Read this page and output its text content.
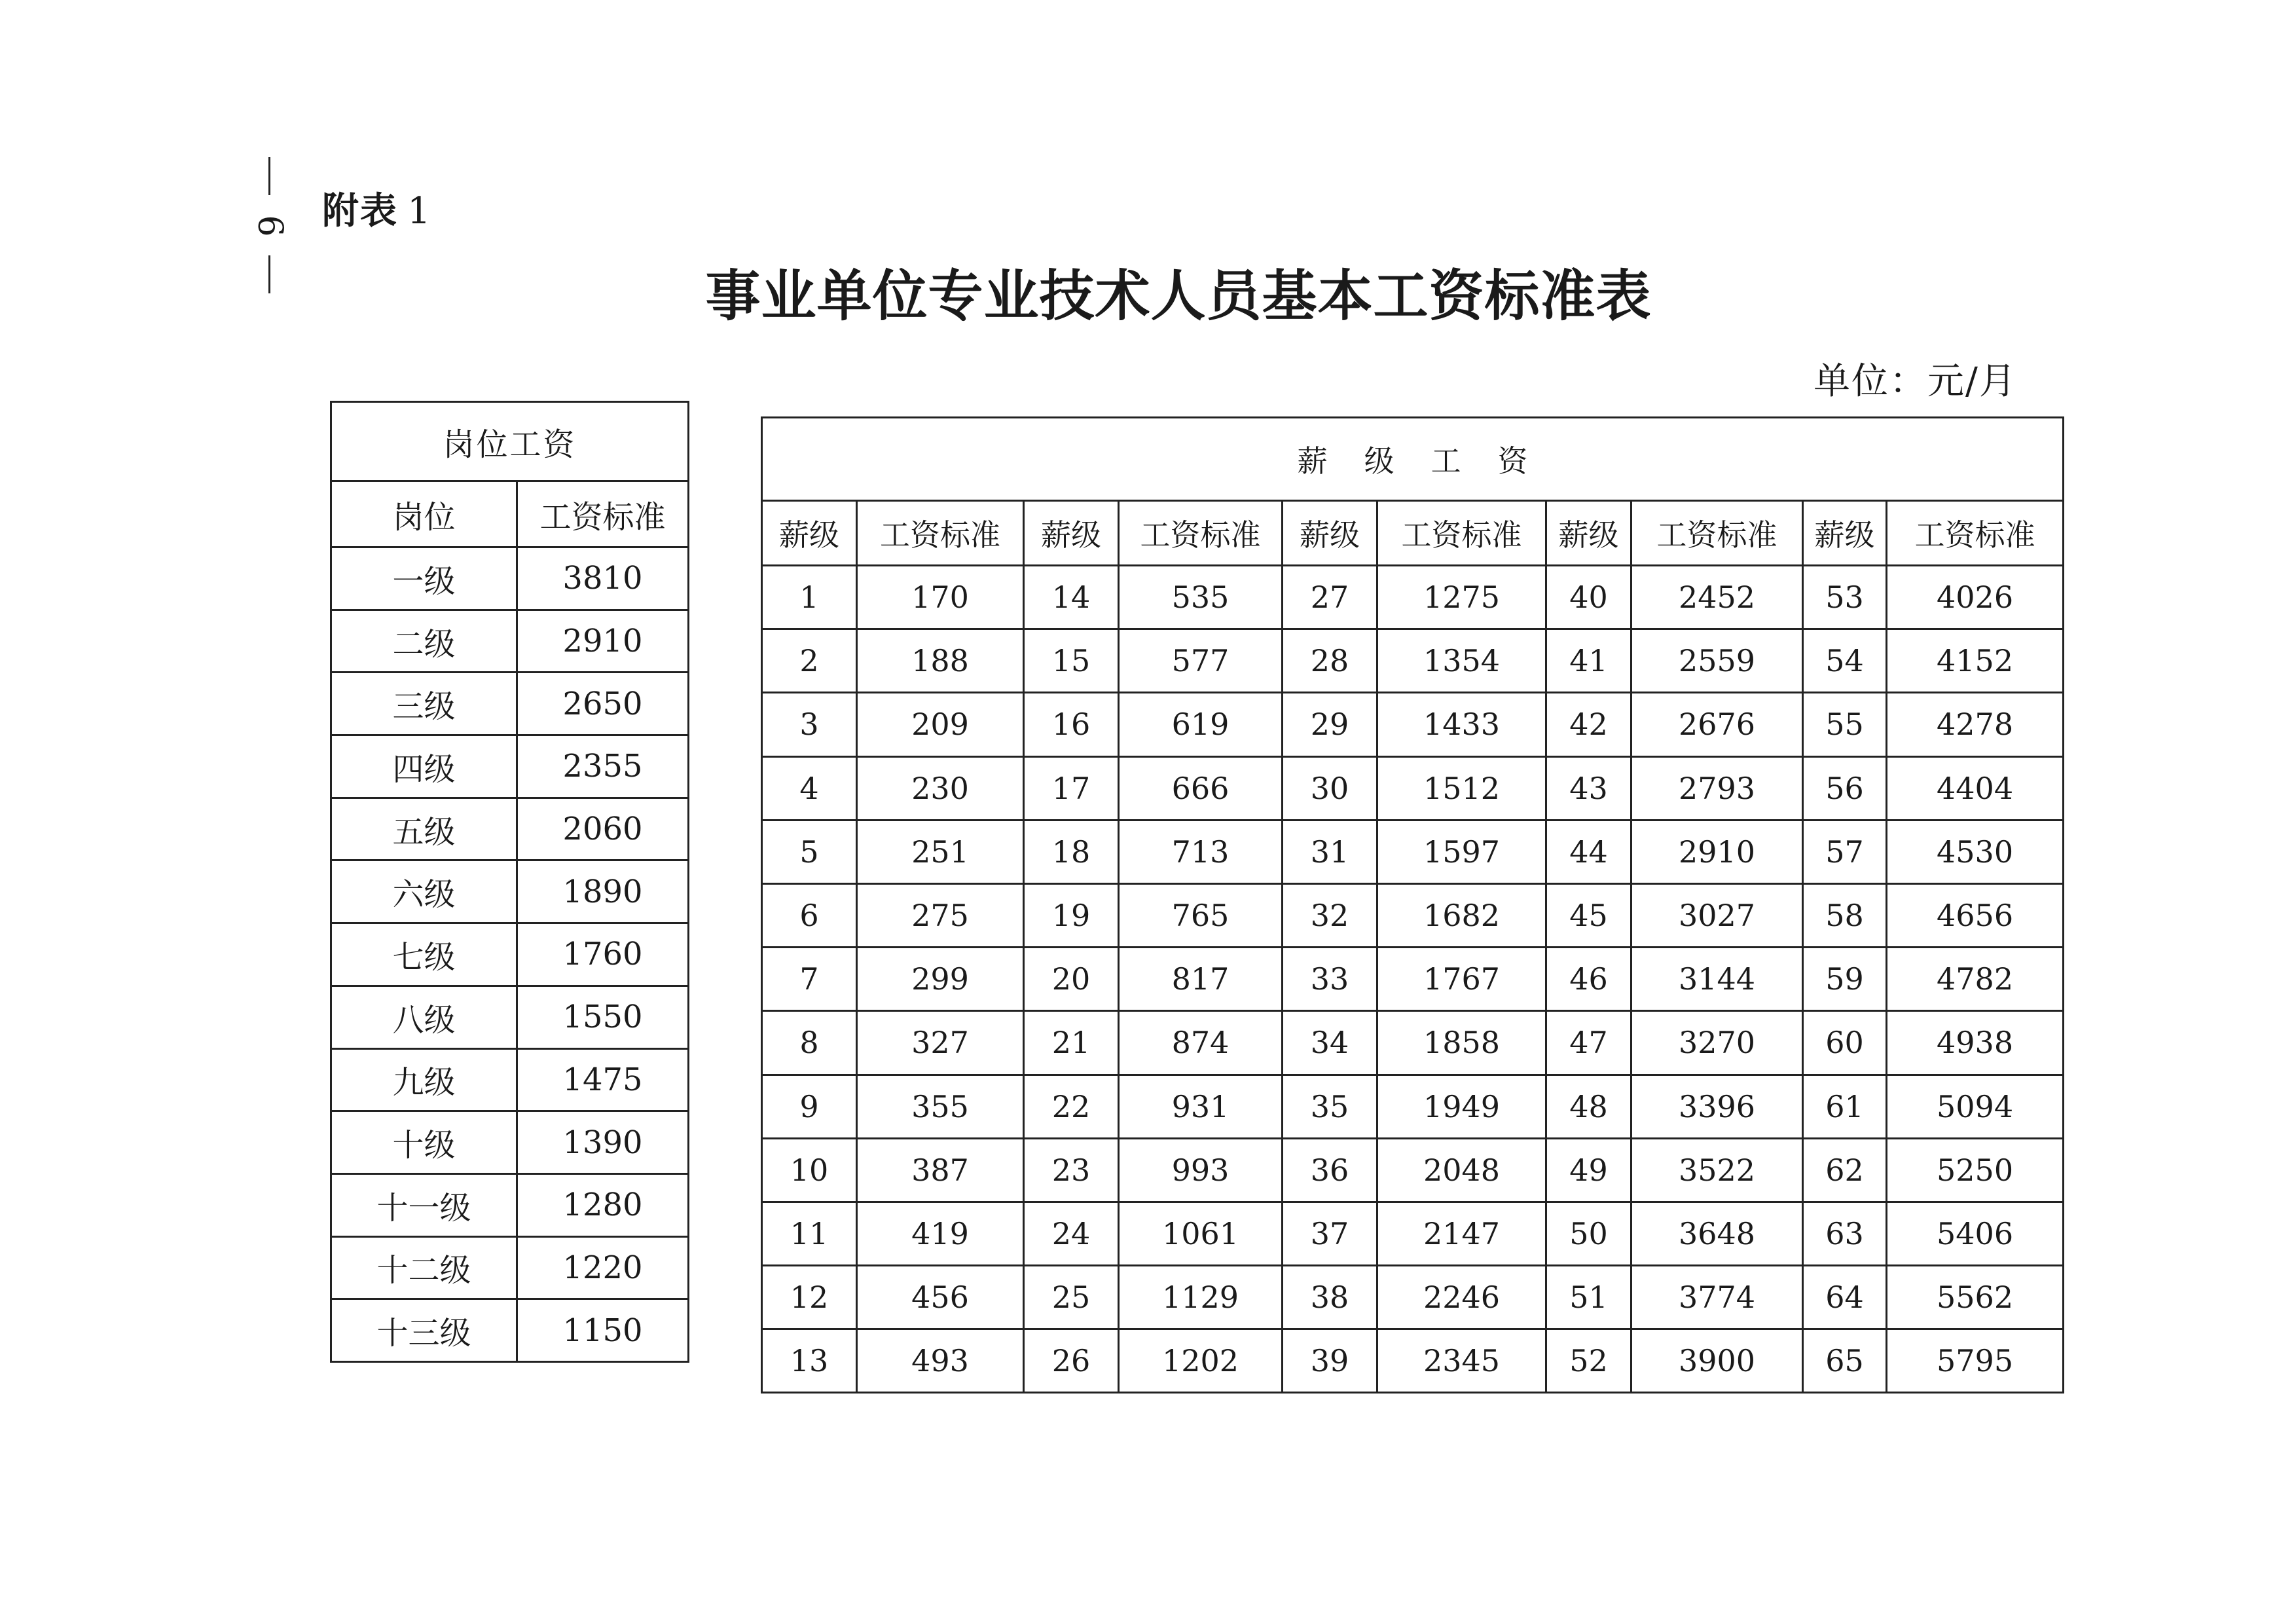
6 附表 1
事业单位专业技术人员基本工资标准表
单位：元/月
岗位工资	
岗位	工资标准
一级	3810
二级	2910
三级	2650
四级	2355
五级	2060
六级	1890
七级	1760
八级	1550
九级	1475
十级	1390
十一级	1280
十二级	1220
十三级	1150
薪级工资									
薪级	工资标准	薪级	工资标准	薪级	工资标准	薪级	工资标准	薪级	工资标准
1	170	14	535	27	1275	40	2452	53	4026
2	188	15	577	28	1354	41	2559	54	4152
3	209	16	619	29	1433	42	2676	55	4278
4	230	17	666	30	1512	43	2793	56	4404
5	251	18	713	31	1597	44	2910	57	4530
6	275	19	765	32	1682	45	3027	58	4656
7	299	20	817	33	1767	46	3144	59	4782
8	327	21	874	34	1858	47	3270	60	4938
9	355	22	931	35	1949	48	3396	61	5094
10	387	23	993	36	2048	49	3522	62	5250
11	419	24	1061	37	2147	50	3648	63	5406
12	456	25	1129	38	2246	51	3774	64	5562
13	493	26	1202	39	2345	52	3900	65	5795
